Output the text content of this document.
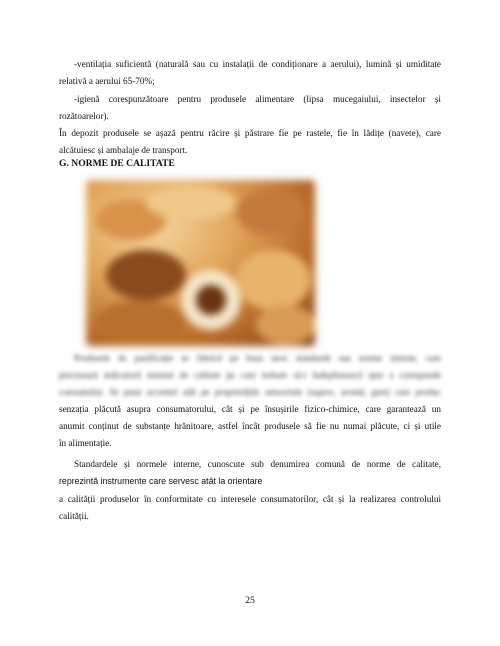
-ventilația suficientă (naturală sau cu instalații de condiționare a aerului), lumină și umiditate
relativă a aerului 65-70%;
-igienă corespunzătoare pentru produsele alimentare (lipsa mucegaiului, insectelor și
rozătoarelor).
În depozit produsele se așază pentru răcire și păstrare fie pe rastele, fie în lădițe (navete), care
alcătuiesc și ambalaje de transport.
G. NORME DE CALITATE
Produsele de panificație se fabrică pe baza unor standarde sau norme interne, care
precizează indicatorii minimi de calitate pe care trebuie să-i îndeplinească spre a corespunde
consumului. Se pune accentul atât pe proprietățile senzoriale (aspect, aromă, gust) care produc
senzația plăcută asupra consumatorului, cât și pe însușirile fizico-chimice, care garantează un
anumit conținut de substanțe hrănitoare, astfel încât produsele să fie nu numai plăcute, ci și utile
în alimentație.
Standardele și normele interne, cunoscute sub denumirea comună de norme de calitate,
reprezintă instrumente care servesc atât la orientare
a calității produselor în conformitate cu interesele consumatorilor, cât și la realizarea controlului
calității.
25
